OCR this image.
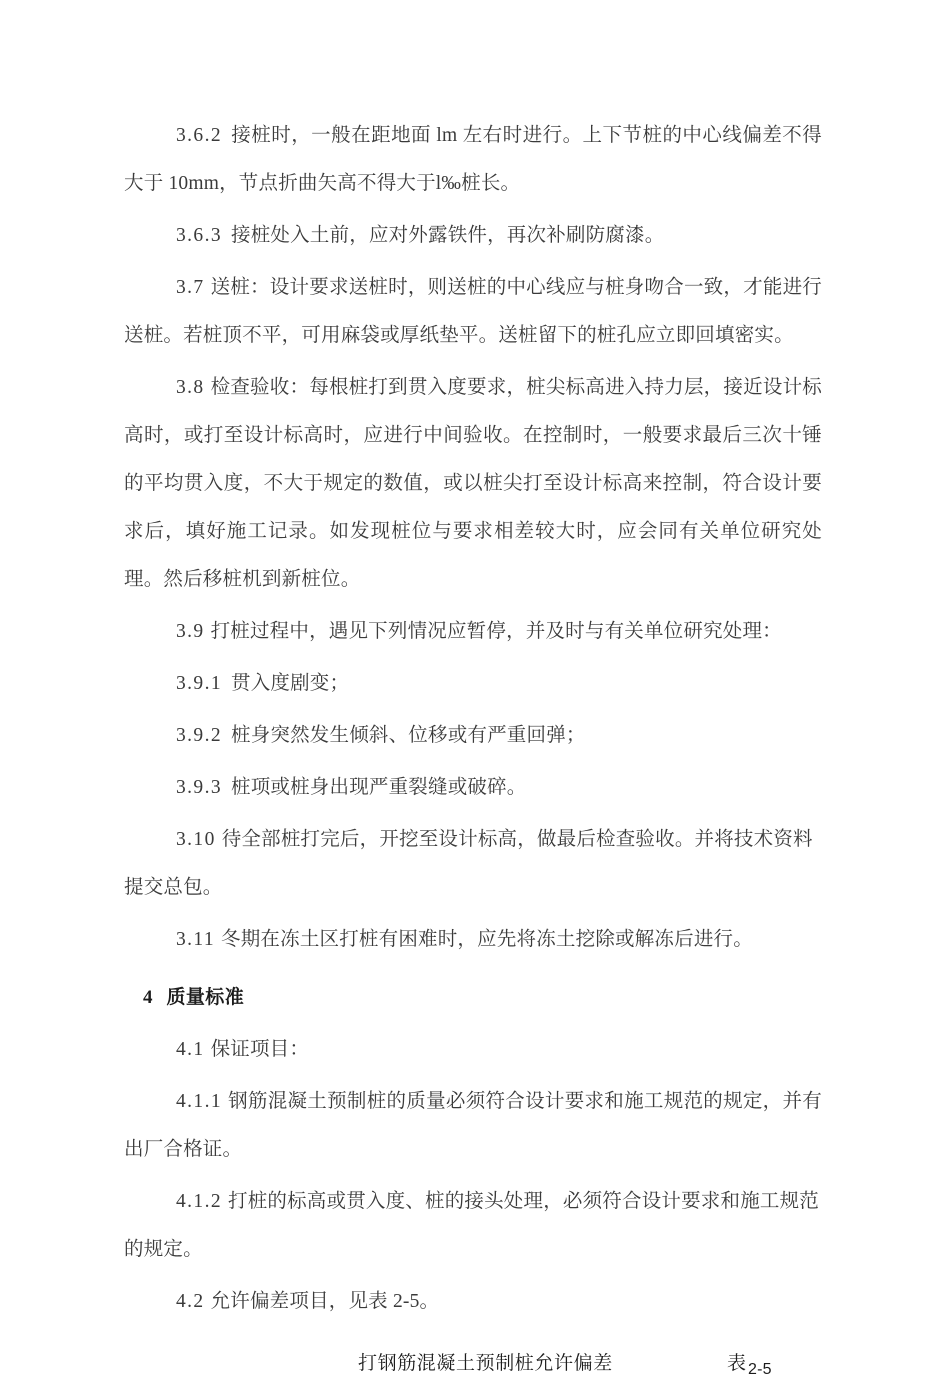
3.6.2 接桩时，一般在距地面 lm 左右时进行。上下节桩的中心线偏差不得大于 10mm，节点折曲矢高不得大于l‰桩长。

3.6.3 接桩处入土前，应对外露铁件，再次补刷防腐漆。

3.7 送桩：设计要求送桩时，则送桩的中心线应与桩身吻合一致，才能进行送桩。若桩顶不平，可用麻袋或厚纸垫平。送桩留下的桩孔应立即回填密实。

3.8 检查验收：每根桩打到贯入度要求，桩尖标高进入持力层，接近设计标高时，或打至设计标高时，应进行中间验收。在控制时，一般要求最后三次十锤的平均贯入度，不大于规定的数值，或以桩尖打至设计标高来控制，符合设计要求后，填好施工记录。如发现桩位与要求相差较大时，应会同有关单位研究处理。然后移桩机到新桩位。

3.9 打桩过程中，遇见下列情况应暂停，并及时与有关单位研究处理：

3.9.1 贯入度剧变；

3.9.2 桩身突然发生倾斜、位移或有严重回弹；

3.9.3 桩项或桩身出现严重裂缝或破碎。

3.10 待全部桩打完后，开挖至设计标高，做最后检查验收。并将技术资料提交总包。

3.11 冬期在冻土区打桩有困难时，应先将冻土挖除或解冻后进行。

4 质量标准

4.1 保证项目：

4.1.1 钢筋混凝土预制桩的质量必须符合设计要求和施工规范的规定，并有出厂合格证。

4.1.2 打桩的标高或贯入度、桩的接头处理，必须符合设计要求和施工规范的规定。

4.2 允许偏差项目，见表 2-5。

打钢筋混凝土预制桩允许偏差	表 $_{2-5}$
